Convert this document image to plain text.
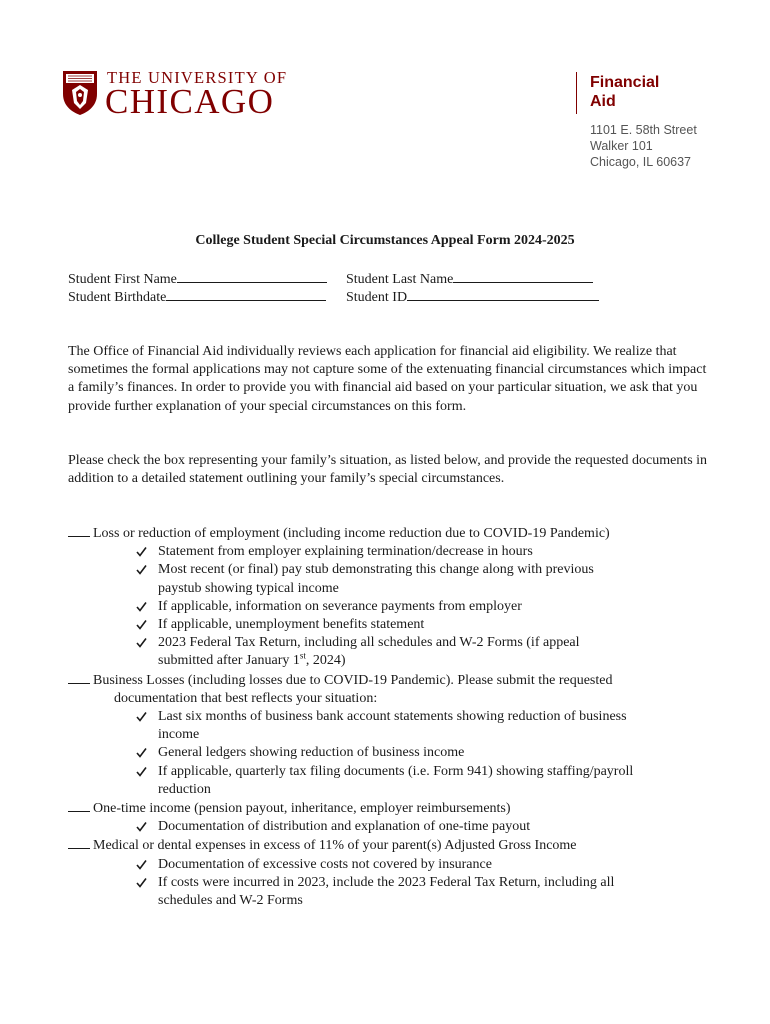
THE UNIVERSITY OF
CHICAGO	Financial
Aid
1101 E. 58th Street
Walker 101
Chicago, IL 60637
College Student Special Circumstances Appeal Form 2024-2025
Student First Name	Student Last Name
Student Birthdate	Student ID
The Office of Financial Aid individually reviews each application for financial aid eligibility. We realize that sometimes the formal applications may not capture some of the extenuating financial circumstances which impact a family’s finances. In order to provide you with financial aid based on your particular situation, we ask that you provide further explanation of your special circumstances on this form.
Please check the box representing your family’s situation, as listed below, and provide the requested documents in addition to a detailed statement outlining your family’s special circumstances.
Loss or reduction of employment (including income reduction due to COVID-19 Pandemic)
Statement from employer explaining termination/decrease in hours
Most recent (or final) pay stub demonstrating this change along with previous
paystub showing typical income
If applicable, information on severance payments from employer
If applicable, unemployment benefits statement
2023 Federal Tax Return, including all schedules and W-2 Forms (if appeal
submitted after January 1st, 2024)
Business Losses (including losses due to COVID-19 Pandemic). Please submit the requested
documentation that best reflects your situation:
Last six months of business bank account statements showing reduction of business
income
General ledgers showing reduction of business income
If applicable, quarterly tax filing documents (i.e. Form 941) showing staffing/payroll
reduction
One-time income (pension payout, inheritance, employer reimbursements)
Documentation of distribution and explanation of one-time payout
Medical or dental expenses in excess of 11% of your parent(s) Adjusted Gross Income
Documentation of excessive costs not covered by insurance
If costs were incurred in 2023, include the 2023 Federal Tax Return, including all
schedules and W-2 Forms
